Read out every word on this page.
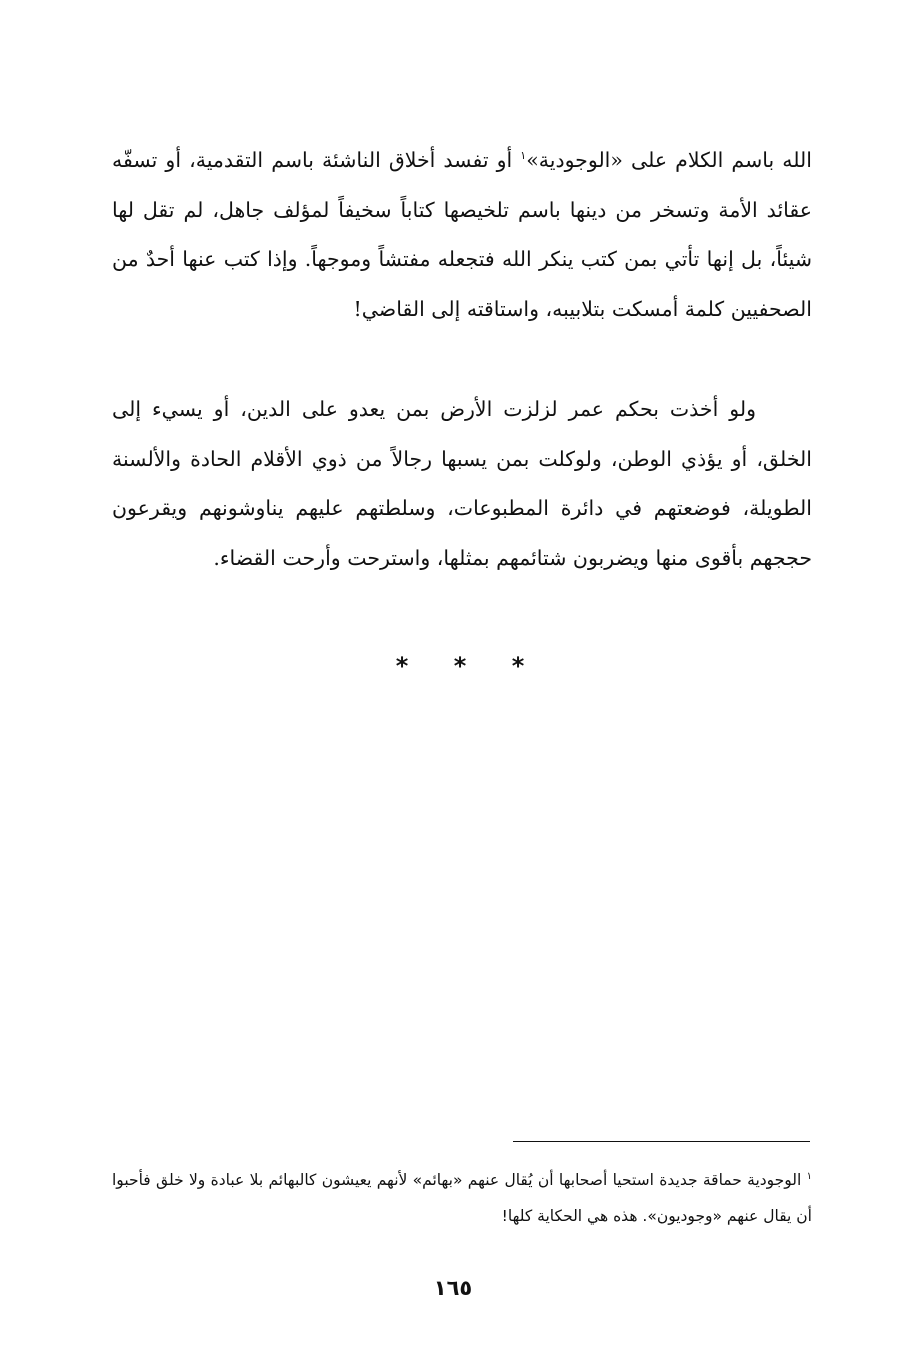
الله باسم الكلام على «الوجودية»$^١$ أو تفسد أخلاق الناشئة باسم التقدمية، أو تسفّه عقائد الأمة وتسخر من دينها باسم تلخيصها كتاباً سخيفاً لمؤلف جاهل، لم تقل لها شيئاً، بل إنها تأتي بمن كتب ينكر الله فتجعله مفتشاً وموجهاً. وإذا كتب عنها أحدٌ من الصحفيين كلمة أمسكت بتلابيبه، واستاقته إلى القاضي!

ولو أخذت بحكم عمر لزلزت الأرض بمن يعدو على الدين، أو يسيء إلى الخلق، أو يؤذي الوطن، ولوكلت بمن يسبها رجالاً من ذوي الأقلام الحادة والألسنة الطويلة، فوضعتهم في دائرة المطبوعات، وسلطتهم عليهم يناوشونهم ويقرعون حججهم بأقوى منها ويضربون شتائمهم بمثلها، واسترحت وأرحت القضاء.

* * *
$^١$ الوجودية حماقة جديدة استحيا أصحابها أن يُقال عنهم «بهائم» لأنهم يعيشون كالبهائم بلا عبادة ولا خلق فأحبوا أن يقال عنهم «وجوديون». هذه هي الحكاية كلها!
١٦٥
